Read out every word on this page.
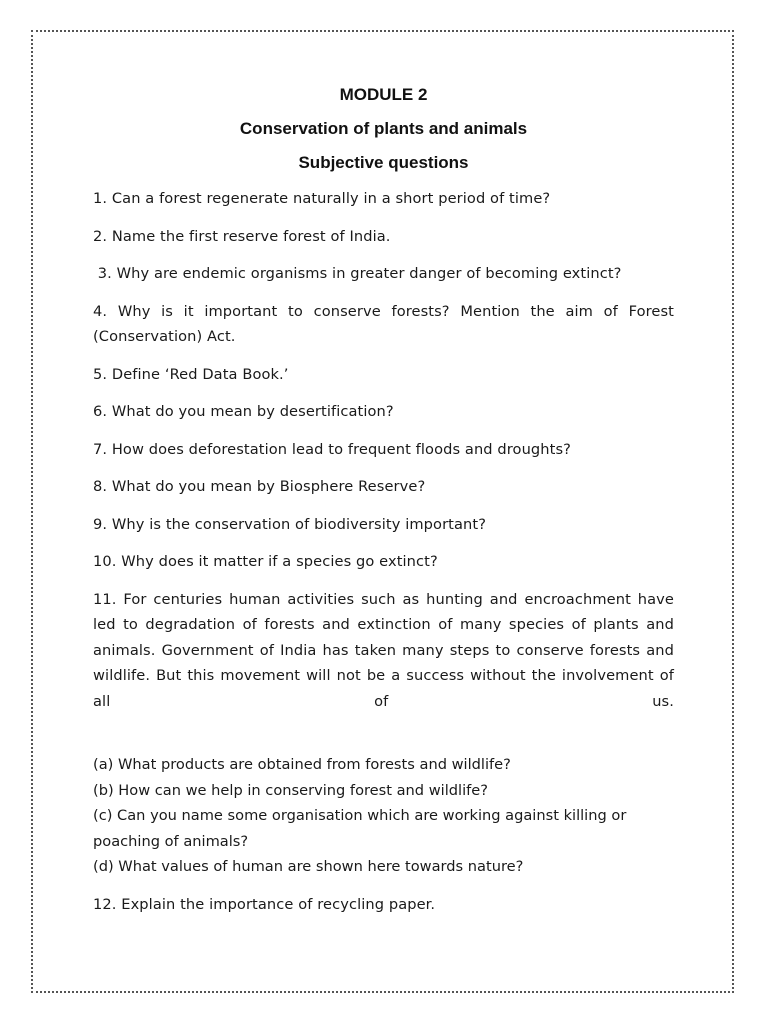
MODULE 2
Conservation of plants and animals
Subjective questions

1. Can a forest regenerate naturally in a short period of time?

2. Name the first reserve forest of India.

3. Why are endemic organisms in greater danger of becoming extinct?

4. Why is it important to conserve forests? Mention the aim of Forest (Conservation) Act.

5. Define ‘Red Data Book.’

6. What do you mean by desertification?

7. How does deforestation lead to frequent floods and droughts?

8. What do you mean by Biosphere Reserve?

9. Why is the conservation of biodiversity important?

10. Why does it matter if a species go extinct?

11. For centuries human activities such as hunting and encroachment have led to degradation of forests and extinction of many species of plants and animals. Government of India has taken many steps to conserve forests and wildlife. But this movement will not be a success without the involvement of all of us.

(a) What products are obtained from forests and wildlife?

(b) How can we help in conserving forest and wildlife?

(c) Can you name some organisation which are working against killing or poaching of animals?

(d) What values of human are shown here towards nature?

12. Explain the importance of recycling paper.
